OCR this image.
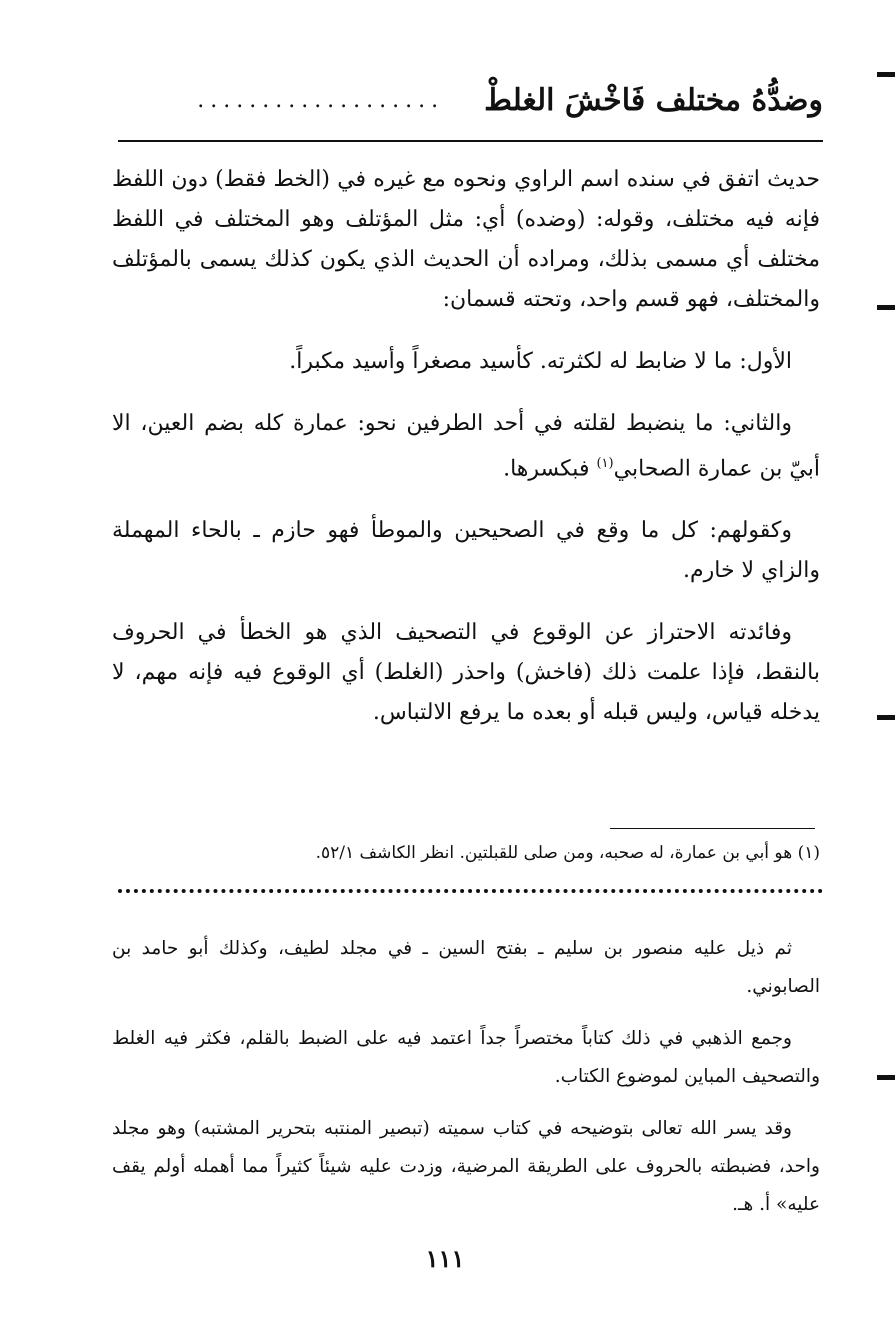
وضدُّهُ مختلف فَاخْشَ الغلطْ
...................

حديث اتفق في سنده اسم الراوي ونحوه مع غيره في (الخط فقط) دون اللفظ فإنه فيه مختلف، وقوله: (وضده) أي: مثل المؤتلف وهو المختلف في اللفظ مختلف أي مسمى بذلك، ومراده أن الحديث الذي يكون كذلك يسمى بالمؤتلف والمختلف، فهو قسم واحد، وتحته قسمان:

الأول: ما لا ضابط له لكثرته. كأسيد مصغراً وأسيد مكبراً.

والثاني: ما ينضبط لقلته في أحد الطرفين نحو: عمارة كله بضم العين، الا أبيّ بن عمارة الصحابي$^{(١)}$ فبكسرها.

وكقولهم: كل ما وقع في الصحيحين والموطأ فهو حازم ـ بالحاء المهملة والزاي لا خارم.

وفائدته الاحتراز عن الوقوع في التصحيف الذي هو الخطأ في الحروف بالنقط، فإذا علمت ذلك (فاخش) واحذر (الغلط) أي الوقوع فيه فإنه مهم، لا يدخله قياس، وليس قبله أو بعده ما يرفع الالتباس.

(١) هو أبي بن عمارة، له صحبه، ومن صلى للقبلتين. انظر الكاشف ٥٢/١.

ثم ذيل عليه منصور بن سليم ـ بفتح السين ـ في مجلد لطيف، وكذلك أبو حامد بن الصابوني.

وجمع الذهبي في ذلك كتاباً مختصراً جداً اعتمد فيه على الضبط بالقلم، فكثر فيه الغلط والتصحيف المباين لموضوع الكتاب.

وقد يسر الله تعالى بتوضيحه في كتاب سميته (تبصير المنتبه بتحرير المشتبه) وهو مجلد واحد، فضبطته بالحروف على الطريقة المرضية، وزدت عليه شيئاً كثيراً مما أهمله أولم يقف عليه» أ. هـ.

١١١
